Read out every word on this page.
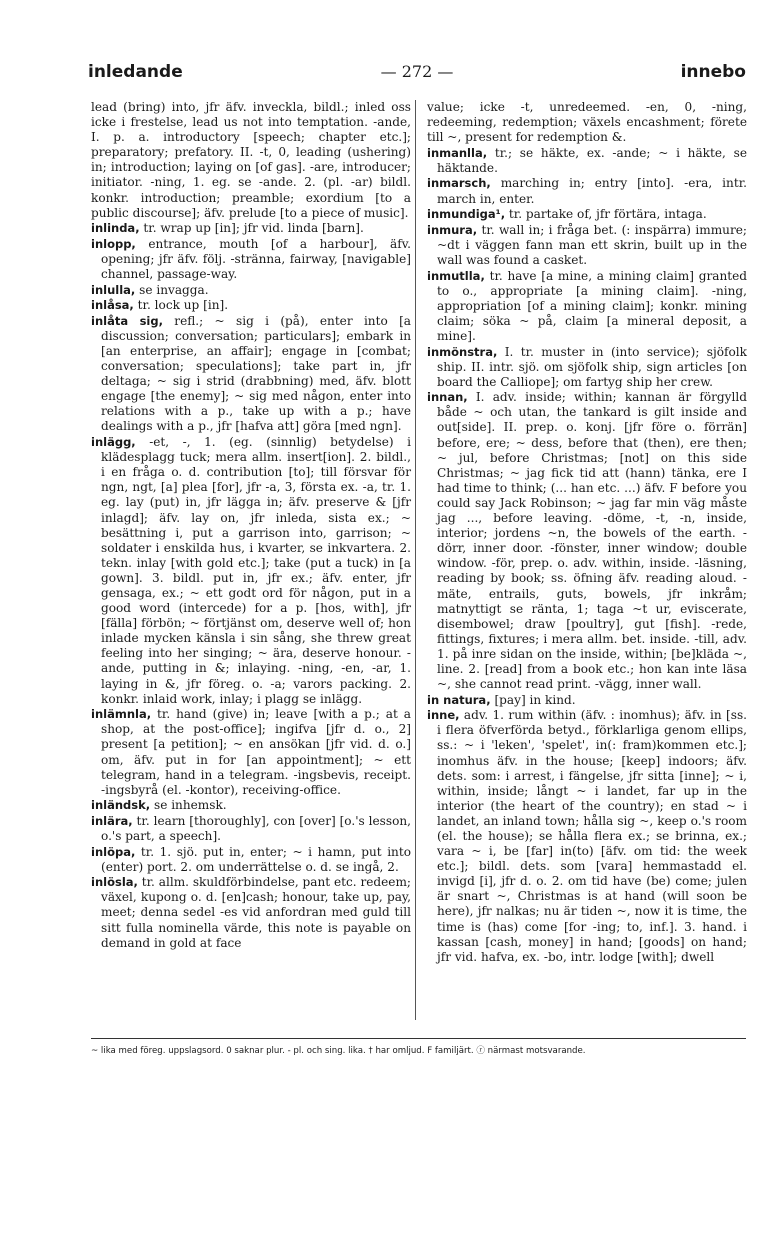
inledande	— 272 —	innebo

lead (bring) into, jfr äfv. inveckla, bildl.; inled oss icke i frestelse, lead us not into temptation. -ande, I. p. a. introductory [speech; chapter etc.]; preparatory; prefatory. II. -t, 0, leading (ushering) in; introduction; laying on [of gas]. -are, introducer; initiator. -ning, 1. eg. se -ande. 2. (pl. -ar) bildl. konkr. introduction; preamble; exordium [to a public discourse]; äfv. prelude [to a piece of music].

inlinda, tr. wrap up [in]; jfr vid. linda [barn].

inlopp, entrance, mouth [of a harbour], äfv. opening; jfr äfv. följ. -stränna, fairway, [navigable] channel, passage-way.

inlulla, se invagga.

inlåsa, tr. lock up [in].

inlåta sig, refl.; ~ sig i (på), enter into [a discussion; conversation; particulars]; embark in [an enterprise, an affair]; engage in [combat; conversation; speculations]; take part in, jfr deltaga; ~ sig i strid (drabbning) med, äfv. blott engage [the enemy]; ~ sig med någon, enter into relations with a p., take up with a p.; have dealings with a p., jfr [hafva att] göra [med ngn].

inlägg, -et, -, 1. (eg. (sinnlig) betydelse) i klädesplagg tuck; mera allm. insert[ion]. 2. bildl., i en fråga o. d. contribution [to]; till försvar för ngn, ngt, [a] plea [for], jfr -a, 3, första ex. -a, tr. 1. eg. lay (put) in, jfr lägga in; äfv. preserve & [jfr inlagd]; äfv. lay on, jfr inleda, sista ex.; ~ besättning i, put a garrison into, garrison; ~ soldater i enskilda hus, i kvarter, se inkvartera. 2. tekn. inlay [with gold etc.]; take (put a tuck) in [a gown]. 3. bildl. put in, jfr ex.; äfv. enter, jfr gensaga, ex.; ~ ett godt ord för någon, put in a good word (intercede) for a p. [hos, with], jfr [fälla] förbön; ~ förtjänst om, deserve well of; hon inlade mycken känsla i sin sång, she threw great feeling into her singing; ~ ära, deserve honour. -ande, putting in &; inlaying. -ning, -en, -ar, 1. laying in &, jfr föreg. o. -a; varors packing. 2. konkr. inlaid work, inlay; i plagg se inlägg.

inlämnla, tr. hand (give) in; leave [with a p.; at a shop, at the post-office]; ingifva [jfr d. o., 2] present [a petition]; ~ en ansökan [jfr vid. d. o.] om, äfv. put in for [an appointment]; ~ ett telegram, hand in a telegram. -ingsbevis, receipt. -ingsbyrå (el. -kontor), receiving-office.

inländsk, se inhemsk.

inlära, tr. learn [thoroughly], con [over] [o.'s lesson, o.'s part, a speech].

inlöpa, tr. 1. sjö. put in, enter; ~ i hamn, put into (enter) port. 2. om underrättelse o. d. se ingå, 2.

inlösla, tr. allm. skuldförbindelse, pant etc. redeem; växel, kupong o. d. [en]cash; honour, take up, pay, meet; denna sedel -es vid anfordran med guld till sitt fulla nominella värde, this note is payable on demand in gold at face

value; icke -t, unredeemed. -en, 0, -ning, redeeming, redemption; växels encashment; förete till ~, present for redemption &.

inmanlla, tr.; se häkte, ex. -ande; ~ i häkte, se häktande.

inmarsch, marching in; entry [into]. -era, intr. march in, enter.

inmundiga¹, tr. partake of, jfr förtära, intaga.

inmura, tr. wall in; i fråga bet. (: inspärra) immure; ~dt i väggen fann man ett skrin, built up in the wall was found a casket.

inmutlla, tr. have [a mine, a mining claim] granted to o., appropriate [a mining claim]. -ning, appropriation [of a mining claim]; konkr. mining claim; söka ~ på, claim [a mineral deposit, a mine].

inmönstra, I. tr. muster in (into service); sjöfolk ship. II. intr. sjö. om sjöfolk ship, sign articles [on board the Calliope]; om fartyg ship her crew.

innan, I. adv. inside; within; kannan är förgylld både ~ och utan, the tankard is gilt inside and out[side]. II. prep. o. konj. [jfr före o. förrän] before, ere; ~ dess, before that (then), ere then; ~ jul, before Christmas; [not] on this side Christmas; ~ jag fick tid att (hann) tänka, ere I had time to think; (... han etc. ...) äfv. F before you could say Jack Robinson; ~ jag far min väg måste jag ..., before leaving. -döme, -t, -n, inside, interior; jordens ~n, the bowels of the earth. -dörr, inner door. -fönster, inner window; double window. -för, prep. o. adv. within, inside. -läsning, reading by book; ss. öfning äfv. reading aloud. -mäte, entrails, guts, bowels, jfr inkråm; matnyttigt se ränta, 1; taga ~t ur, eviscerate, disembowel; draw [poultry], gut [fish]. -rede, fittings, fixtures; i mera allm. bet. inside. -till, adv. 1. på inre sidan on the inside, within; [be]kläda ~, line. 2. [read] from a book etc.; hon kan inte läsa ~, she cannot read print. -vägg, inner wall.

in natura, [pay] in kind.

inne, adv. 1. rum within (äfv. : inomhus); äfv. in [ss. i flera öfverförda betyd., förklarliga genom ellips, ss.: ~ i 'leken', 'spelet', in(: fram)kommen etc.]; inomhus äfv. in the house; [keep] indoors; äfv. dets. som: i arrest, i fängelse, jfr sitta [inne]; ~ i, within, inside; långt ~ i landet, far up in the interior (the heart of the country); en stad ~ i landet, an inland town; hålla sig ~, keep o.'s room (el. the house); se hålla flera ex.; se brinna, ex.; vara ~ i, be [far] in(to) [äfv. om tid: the week etc.]; bildl. dets. som [vara] hemmastadd el. invigd [i], jfr d. o. 2. om tid have (be) come; julen är snart ~, Christmas is at hand (will soon be here), jfr nalkas; nu är tiden ~, now it is time, the time is (has) come [for -ing; to, inf.]. 3. hand. i kassan [cash, money] in hand; [goods] on hand; jfr vid. hafva, ex. -bo, intr. lodge [with]; dwell

~ lika med föreg. uppslagsord. 0 saknar plur. - pl. och sing. lika. † har omljud. F familjärt. ⓡ närmast motsvarande.
